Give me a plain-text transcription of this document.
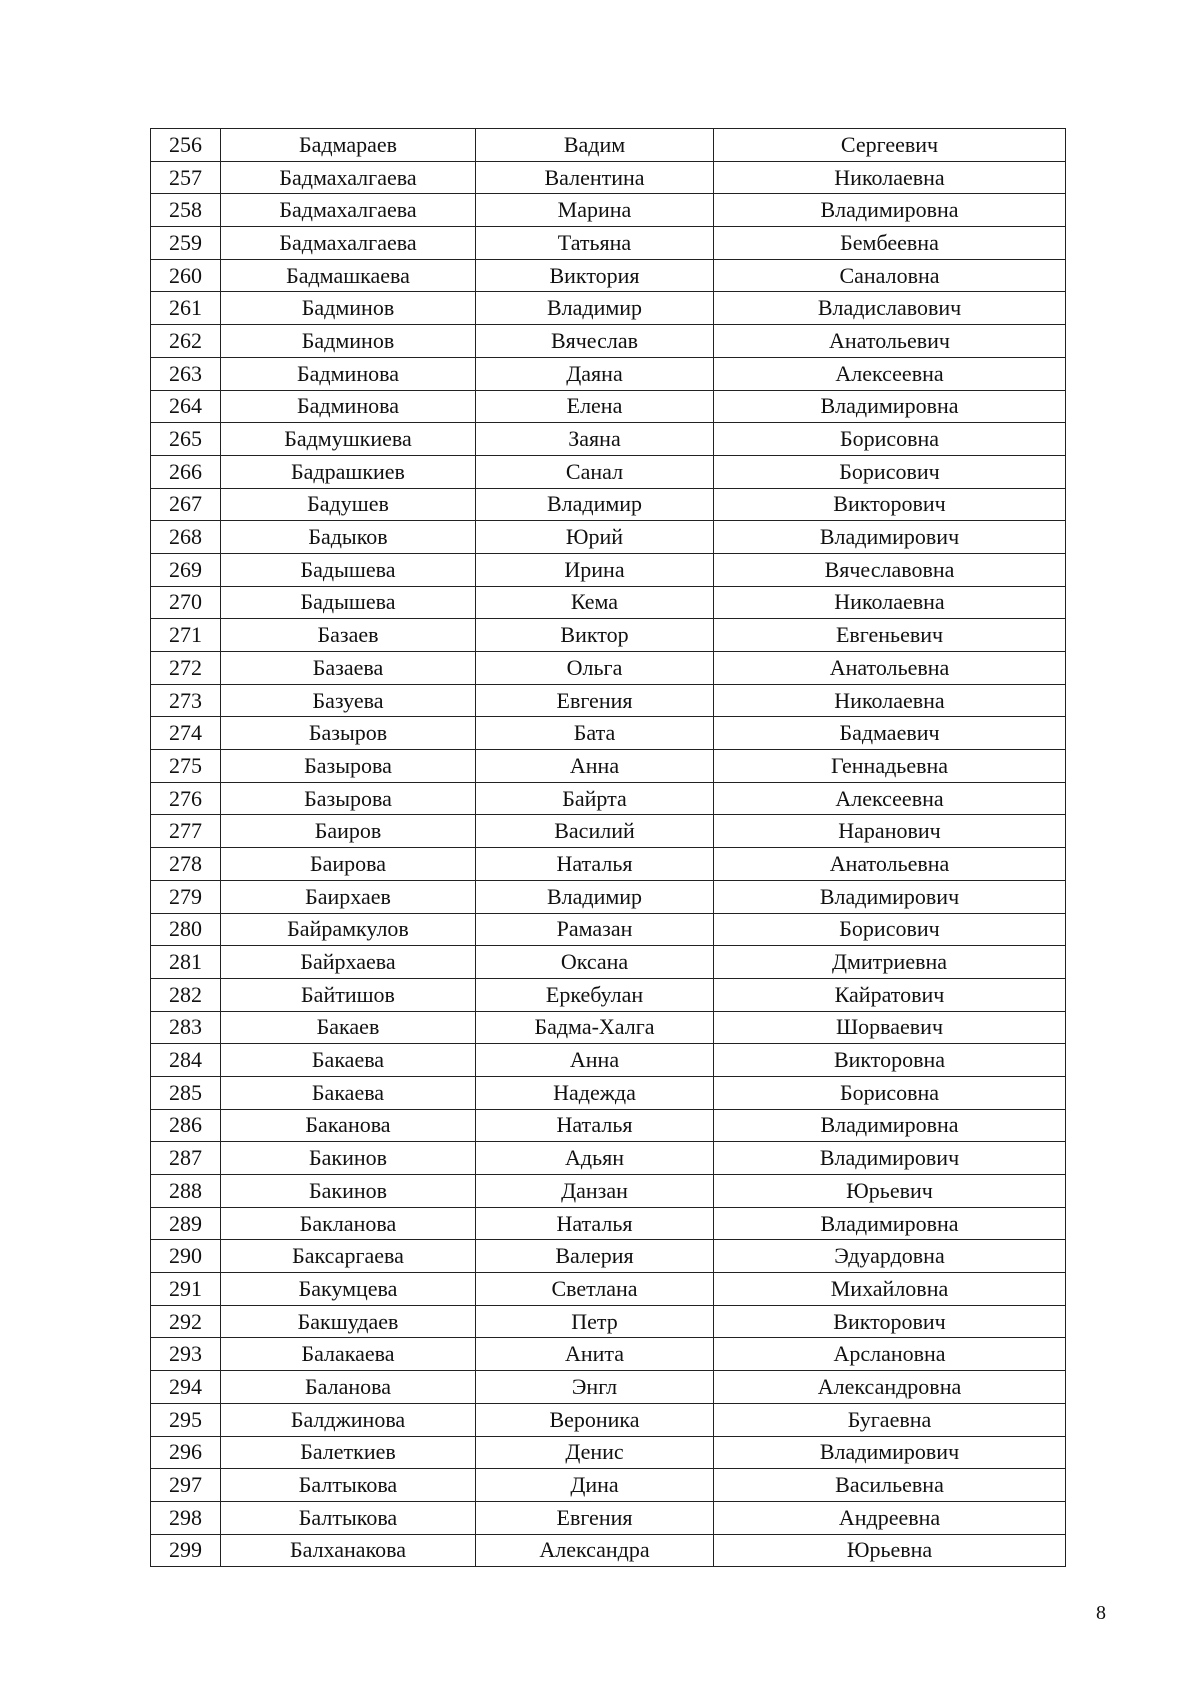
256	Бадмараев	Вадим	Сергеевич
257	Бадмахалгаева	Валентина	Николаевна
258	Бадмахалгаева	Марина	Владимировна
259	Бадмахалгаева	Татьяна	Бембеевна
260	Бадмашкаева	Виктория	Саналовна
261	Бадминов	Владимир	Владиславович
262	Бадминов	Вячеслав	Анатольевич
263	Бадминова	Даяна	Алексеевна
264	Бадминова	Елена	Владимировна
265	Бадмушкиева	Заяна	Борисовна
266	Бадрашкиев	Санал	Борисович
267	Бадушев	Владимир	Викторович
268	Бадыков	Юрий	Владимирович
269	Бадышева	Ирина	Вячеславовна
270	Бадышева	Кема	Николаевна
271	Базаев	Виктор	Евгеньевич
272	Базаева	Ольга	Анатольевна
273	Базуева	Евгения	Николаевна
274	Базыров	Бата	Бадмаевич
275	Базырова	Анна	Геннадьевна
276	Базырова	Байрта	Алексеевна
277	Баиров	Василий	Наранович
278	Баирова	Наталья	Анатольевна
279	Баирхаев	Владимир	Владимирович
280	Байрамкулов	Рамазан	Борисович
281	Байрхаева	Оксана	Дмитриевна
282	Байтишов	Еркебулан	Кайратович
283	Бакаев	Бадма-Халга	Шорваевич
284	Бакаева	Анна	Викторовна
285	Бакаева	Надежда	Борисовна
286	Баканова	Наталья	Владимировна
287	Бакинов	Адьян	Владимирович
288	Бакинов	Данзан	Юрьевич
289	Бакланова	Наталья	Владимировна
290	Баксаргаева	Валерия	Эдуардовна
291	Бакумцева	Светлана	Михайловна
292	Бакшудаев	Петр	Викторович
293	Балакаева	Анита	Арслановна
294	Баланова	Энгл	Александровна
295	Балджинова	Вероника	Бугаевна
296	Балеткиев	Денис	Владимирович
297	Балтыкова	Дина	Васильевна
298	Балтыкова	Евгения	Андреевна
299	Балханакова	Александра	Юрьевна
8
